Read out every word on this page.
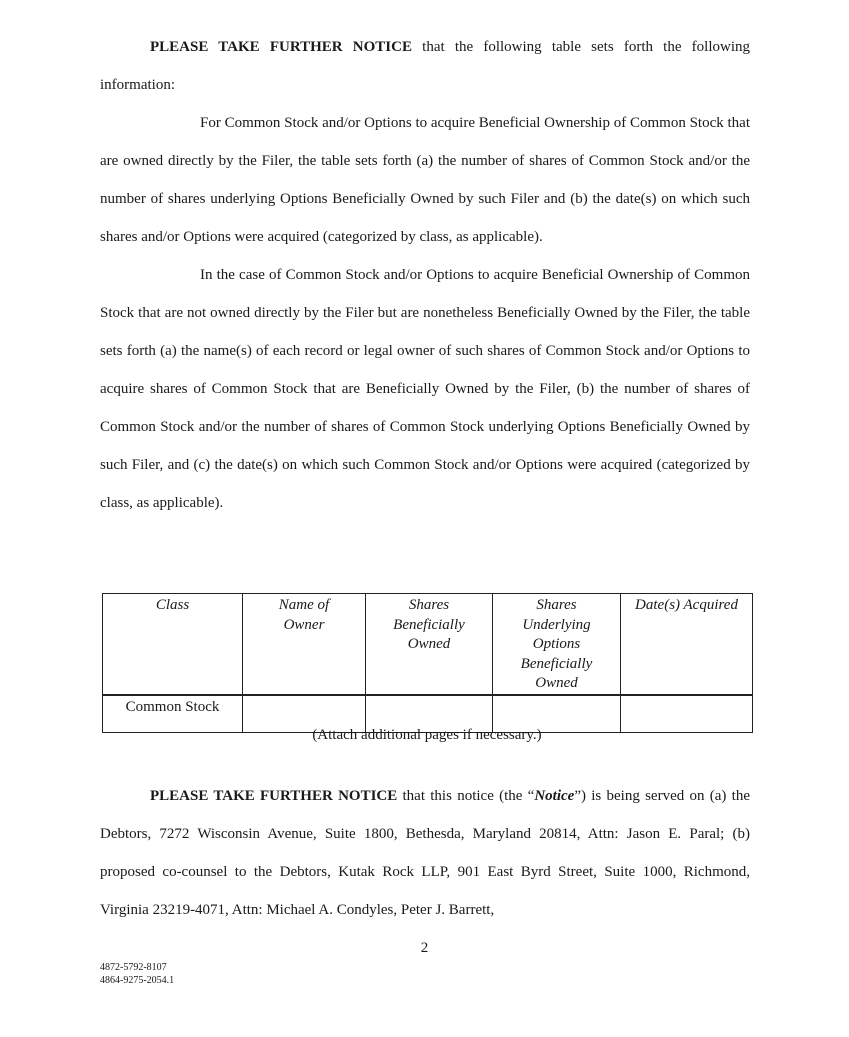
PLEASE TAKE FURTHER NOTICE that the following table sets forth the following information:

For Common Stock and/or Options to acquire Beneficial Ownership of Common Stock that are owned directly by the Filer, the table sets forth (a) the number of shares of Common Stock and/or the number of shares underlying Options Beneficially Owned by such Filer and (b) the date(s) on which such shares and/or Options were acquired (categorized by class, as applicable).

In the case of Common Stock and/or Options to acquire Beneficial Ownership of Common Stock that are not owned directly by the Filer but are nonetheless Beneficially Owned by the Filer, the table sets forth (a) the name(s) of each record or legal owner of such shares of Common Stock and/or Options to acquire shares of Common Stock that are Beneficially Owned by the Filer, (b) the number of shares of Common Stock and/or the number of shares of Common Stock underlying Options Beneficially Owned by such Filer, and (c) the date(s) on which such Common Stock and/or Options were acquired (categorized by class, as applicable).

Class	Name of Owner	Shares Beneficially Owned	Shares Underlying Options Beneficially Owned	Date(s) Acquired
Common Stock				
(Attach additional pages if necessary.)

PLEASE TAKE FURTHER NOTICE that this notice (the “Notice”) is being served on (a) the Debtors, 7272 Wisconsin Avenue, Suite 1800, Bethesda, Maryland 20814, Attn: Jason E. Paral; (b) proposed co-counsel to the Debtors, Kutak Rock LLP, 901 East Byrd Street, Suite 1000, Richmond, Virginia 23219-4071, Attn: Michael A. Condyles, Peter J. Barrett,

2
4872-5792-8107
4864-9275-2054.1
